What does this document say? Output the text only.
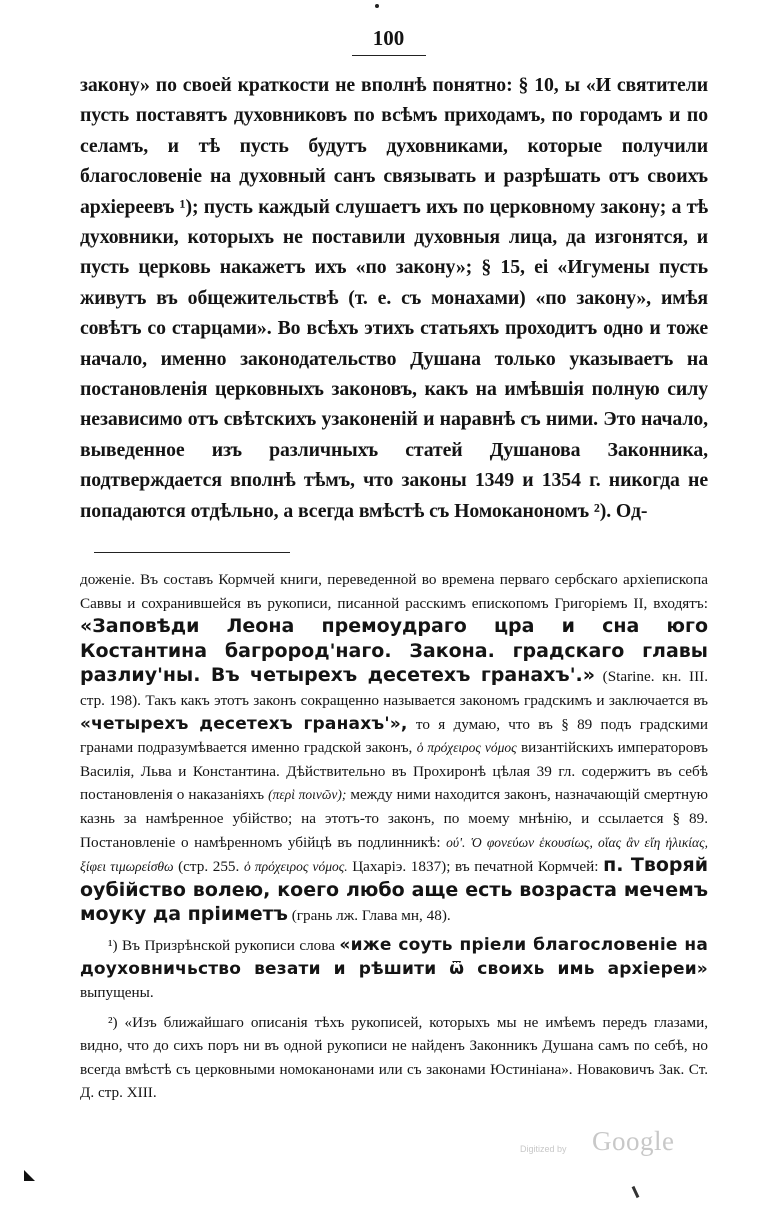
100

закону» по своей краткости не вполнѣ понятно: § 10, ы «И святители пусть поставятъ духовниковъ по всѣмъ приходамъ, по городамъ и по селамъ, и тѣ пусть будутъ духовниками, которые получили благословеніе на духовный санъ связывать и разрѣшать отъ своихъ архіереевъ ¹); пусть каждый слушаетъ ихъ по церковному закону; а тѣ духовники, которыхъ не поставили духовныя лица, да изгонятся, и пусть церковь накажетъ ихъ «по закону»; § 15, ei «Игумены пусть живутъ въ общежительствѣ (т. е. съ монахами) «по закону», имѣя совѣтъ со старцами». Во всѣхъ этихъ статьяхъ проходитъ одно и тоже начало, именно законодательство Душана только указываетъ на постановленія церковныхъ законовъ, какъ на имѣвшія полную силу независимо отъ свѣтскихъ узаконеній и наравнѣ съ ними. Это начало, выведенное изъ различныхъ статей Душанова Законника, подтверждается вполнѣ тѣмъ, что законы 1349 и 1354 г. никогда не попадаются отдѣльно, а всегда вмѣстѣ съ Номоканономъ ²). Од-

доженіе. Въ составъ Кормчей книги, переведенной во времена перваго сербскаго архіепископа Саввы и сохранившейся въ рукописи, писанной расскимъ епископомъ Григоріемъ II, входятъ: «Заповѣди Леона премоудраго цра и сна юго Костантина багрород'наго. Закона. градскаго главы разлиу'ны. Въ четырехъ десетехъ гранахъ'.» (Starine. кн. III. стр. 198). Такъ какъ этотъ законъ сокращенно называется закономъ градскимъ и заключается въ «четырехъ десетехъ гранахъ'», то я думаю, что въ § 89 подъ градскими гранами подразумѣвается именно градской законъ, ὁ πρόχειρος νόμος византійскихъ императоровъ Василія, Льва и Константина. Дѣйствительно въ Прохиронѣ цѣлая 39 гл. содержитъ въ себѣ постановленія о наказаніяхъ (περὶ ποινῶν); между ними находится законъ, назначающій смертную казнь за намѣренное убійство; на этотъ-то законъ, по моему мнѣнію, и ссылается § 89. Постановленіе о намѣренномъ убійцѣ въ подлинникѣ: ού'. Ὁ φονεύων ἑκουσίως, οἵας ἂν εἴη ἡλικίας, ξίφει τιμωρείσθω (стр. 255. ὁ πρόχειρος νόμος. Цахаріэ. 1837); въ печатной Кормчей: п. Творяй оубійство волею, коего любо аще есть возраста мечемъ моуку да пріиметъ (грань лж. Глава мн, 48).

¹) Въ Призрѣнской рукописи слова «иже соуть пріели благословеніе на доуховничьство везати и рѣшити ѿ своихь имь архіереи» выпущены.

²) «Изъ ближайшаго описанія тѣхъ рукописей, которыхъ мы не имѣемъ передъ глазами, видно, что до сихъ поръ ни въ одной рукописи не найденъ Законникъ Душана самъ по себѣ, но всегда вмѣстѣ съ церковными номоканонами или съ законами Юстиніана». Новаковичъ Зак. Ст. Д. стр. XIII.

Digitized by Google
